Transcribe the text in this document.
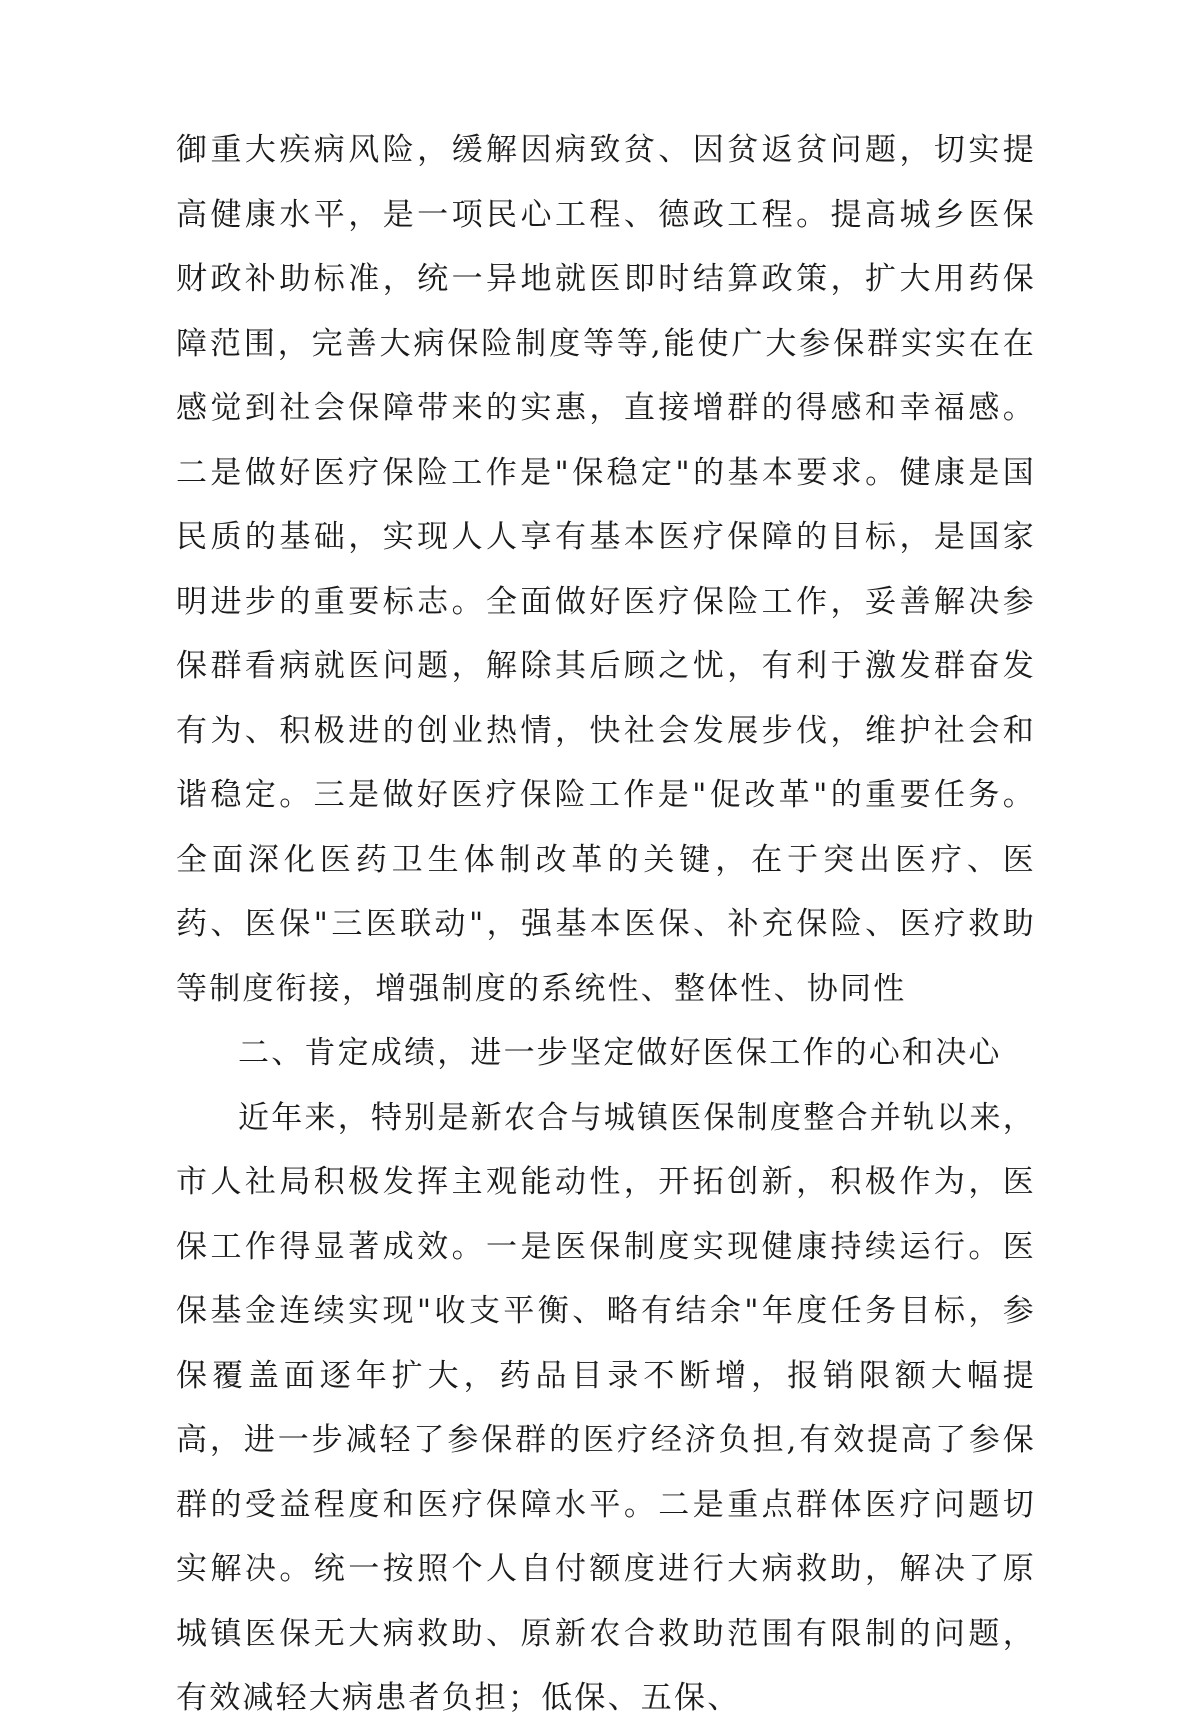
御重大疾病风险，缓解因病致贫、因贫返贫问题，切实提高健康水平，是一项民心工程、德政工程。提高城乡医保财政补助标准，统一异地就医即时结算政策，扩大用药保障范围，完善大病保险制度等等,能使广大参保群实实在在感觉到社会保障带来的实惠，直接增群的得感和幸福感。二是做好医疗保险工作是"保稳定"的基本要求。健康是国民质的基础，实现人人享有基本医疗保障的目标，是国家明进步的重要标志。全面做好医疗保险工作，妥善解决参保群看病就医问题，解除其后顾之忧，有利于激发群奋发有为、积极进的创业热情，快社会发展步伐，维护社会和谐稳定。三是做好医疗保险工作是"促改革"的重要任务。全面深化医药卫生体制改革的关键，在于突出医疗、医药、医保"三医联动"，强基本医保、补充保险、医疗救助等制度衔接，增强制度的系统性、整体性、协同性

二、肯定成绩，进一步坚定做好医保工作的心和决心

近年来，特别是新农合与城镇医保制度整合并轨以来，市人社局积极发挥主观能动性，开拓创新，积极作为，医保工作得显著成效。一是医保制度实现健康持续运行。医保基金连续实现"收支平衡、略有结余"年度任务目标，参保覆盖面逐年扩大，药品目录不断增，报销限额大幅提高，进一步减轻了参保群的医疗经济负担,有效提高了参保群的受益程度和医疗保障水平。二是重点群体医疗问题切实解决。统一按照个人自付额度进行大病救助，解决了原城镇医保无大病救助、原新农合救助范围有限制的问题，有效减轻大病患者负担；低保、五保、
